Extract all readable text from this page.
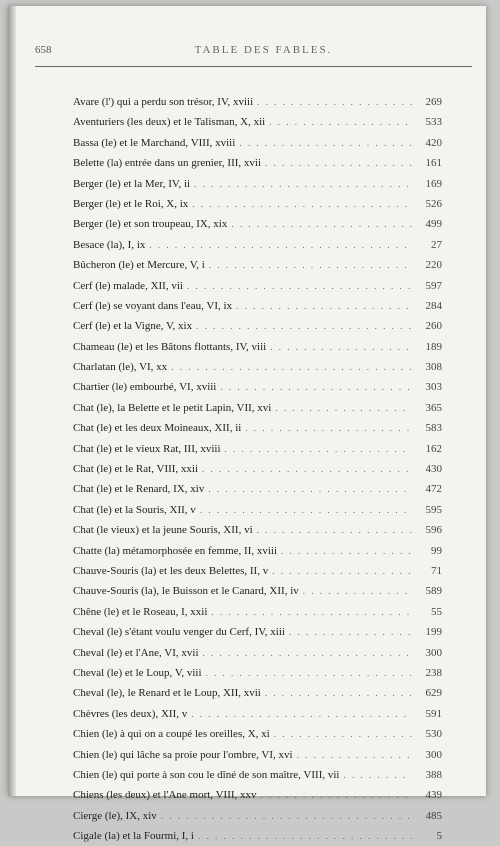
658	TABLE DES FABLES.
Avare (l') qui a perdu son trésor, IV, xviii . . .	269
Aventuriers (les deux) et le Talisman, X, xii . . .	533
Bassa (le) et le Marchand, VIII, xviii . . .	420
Belette (la) entrée dans un grenier, III, xvii . . .	161
Berger (le) et la Mer, IV, ii . . .	169
Berger (le) et le Roi, X, ix . . .	526
Berger (le) et son troupeau, IX, xix . . .	499
Besace (la), I, ix . . .	27
Bûcheron (le) et Mercure, V, i . . .	220
Cerf (le) malade, XII, vii . . .	597
Cerf (le) se voyant dans l'eau, VI, ix . . .	284
Cerf (le) et la Vigne, V, xix . . .	260
Chameau (le) et les Bâtons flottants, IV, viii . . .	189
Charlatan (le), VI, xx . . .	308
Chartier (le) embourbé, VI, xviii . . .	303
Chat (le), la Belette et le petit Lapin, VII, xvi . . .	365
Chat (le) et les deux Moineaux, XII, ii . . .	583
Chat (le) et le vieux Rat, III, xviii . . .	162
Chat (le) et le Rat, VIII, xxii . . .	430
Chat (le) et le Renard, IX, xiv . . .	472
Chat (le) et la Souris, XII, v . . .	595
Chat (le vieux) et la jeune Souris, XII, vi . . .	596
Chatte (la) métamorphosée en femme, II, xviii . . .	99
Chauve-Souris (la) et les deux Belettes, II, v . . .	71
Chauve-Souris (la), le Buisson et le Canard, XII, iv . . .	589
Chêne (le) et le Roseau, I, xxii . . .	55
Cheval (le) s'étant voulu venger du Cerf, IV, xiii . . .	199
Cheval (le) et l'Ane, VI, xvii . . .	300
Cheval (le) et le Loup, V, viii . . .	238
Cheval (le), le Renard et le Loup, XII, xvii . . .	629
Chèvres (les deux), XII, v . . .	591
Chien (le) à qui on a coupé les oreilles, X, xi . . .	530
Chien (le) qui lâche sa proie pour l'ombre, VI, xvi . . .	300
Chien (le) qui porte à son cou le dîné de son maître, VIII, vii . . .	388
Chiens (les deux) et l'Ane mort, VIII, xxv . . .	439
Cierge (le), IX, xiv . . .	485
Cigale (la) et la Fourmi, I, i . . .	5
